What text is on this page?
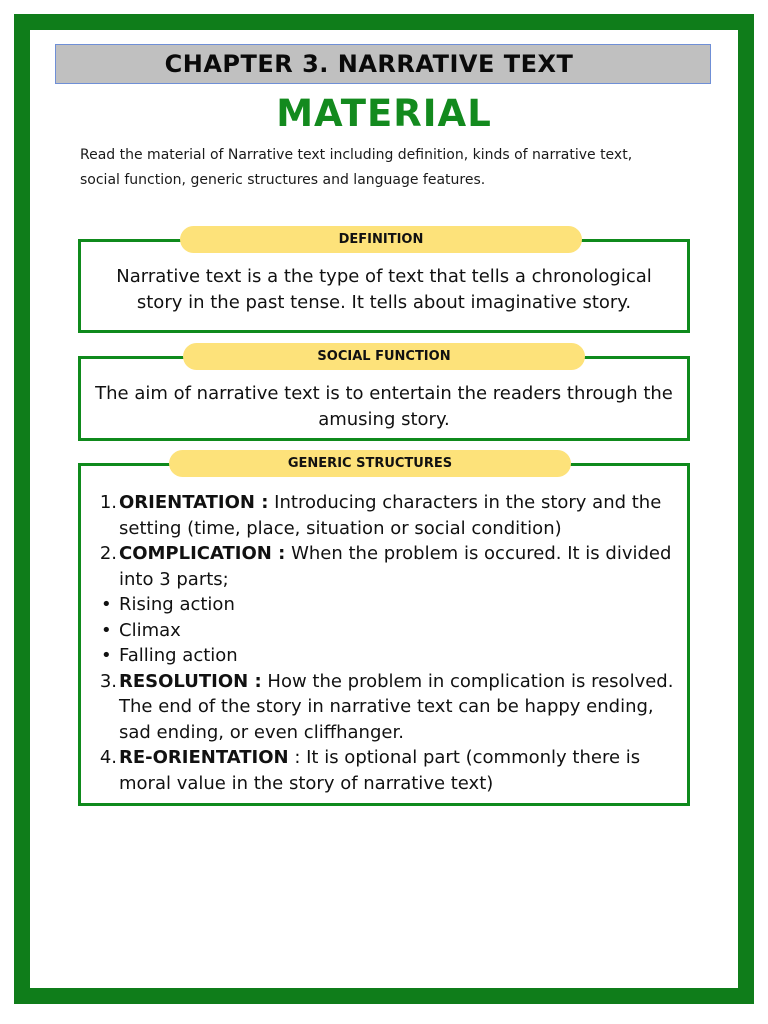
CHAPTER 3. NARRATIVE TEXT
MATERIAL
Read the material of Narrative text including definition, kinds of narrative text, social function, generic structures and language features.
Narrative text is a the type of text that tells a chronological story in the past tense. It tells about imaginative story.
DEFINITION
The aim of narrative text is to entertain the readers through the amusing story.
SOCIAL FUNCTION
1. ORIENTATION : Introducing characters in the story and the setting (time, place, situation or social condition)
2. COMPLICATION : When the problem is occured. It is divided into 3 parts;
• Rising action
• Climax
• Falling action
3. RESOLUTION : How the problem in complication is resolved. The end of the story in narrative text can be happy ending, sad ending, or even cliffhanger.
4. RE-ORIENTATION : It is optional part (commonly there is moral value in the story of narrative text)
GENERIC STRUCTURES
